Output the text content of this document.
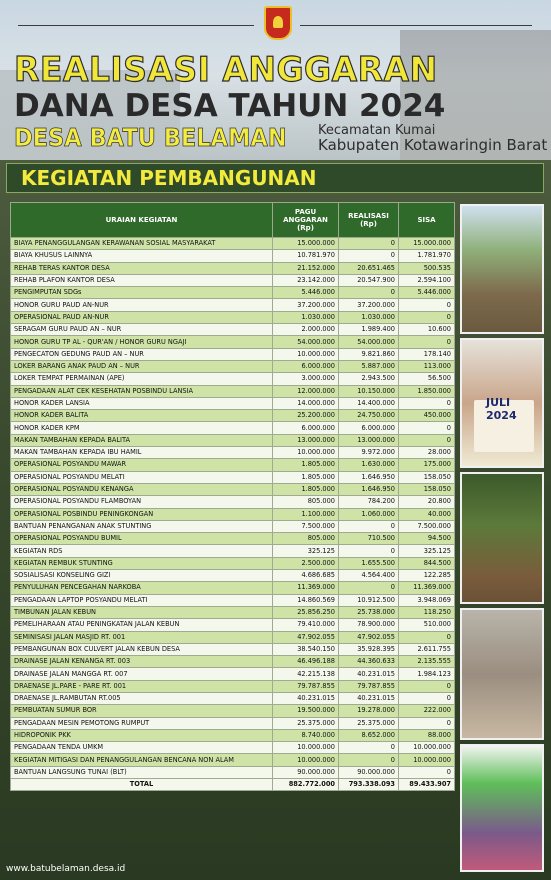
REALISASI ANGGARAN
DANA DESA TAHUN 2024
DESA BATU BELAMAN Kecamatan Kumai
Kabupaten Kotawaringin Barat
KEGIATAN PEMBANGUNAN
URAIAN KEGIATAN	PAGU ANGGARAN (Rp)	REALISASI (Rp)	SISA
BIAYA PENANGGULANGAN KERAWANAN SOSIAL MASYARAKAT	15.000.000	0	15.000.000
BIAYA KHUSUS LAINNYA	10.781.970	0	1.781.970
REHAB TERAS KANTOR DESA	21.152.000	20.651.465	500.535
REHAB PLAFON KANTOR DESA	23.142.000	20.547.900	2.594.100
PENGIMPUTAN SDGs	5.446.000	0	5.446.000
HONOR GURU PAUD AN-NUR	37.200.000	37.200.000	0
OPERASIONAL PAUD AN-NUR	1.030.000	1.030.000	0
SERAGAM GURU PAUD AN – NUR	2.000.000	1.989.400	10.600
HONOR GURU TP AL - QUR'AN / HONOR GURU NGAJI	54.000.000	54.000.000	0
PENGECATON GEDUNG PAUD AN – NUR	10.000.000	9.821.860	178.140
LOKER BARANG ANAK PAUD AN – NUR	6.000.000	5.887.000	113.000
LOKER TEMPAT PERMAINAN (APE)	3.000.000	2.943.500	56.500
PENGADAAN ALAT CEK KESEHATAN POSBINDU LANSIA	12.000.000	10.150.000	1.850.000
HONOR KADER LANSIA	14.000.000	14.400.000	0
HONOR KADER BALITA	25.200.000	24.750.000	450.000
HONOR KADER KPM	6.000.000	6.000.000	0
MAKAN TAMBAHAN KEPADA BALITA	13.000.000	13.000.000	0
MAKAN TAMBAHAN KEPADA IBU HAMIL	10.000.000	9.972.000	28.000
OPERASIONAL POSYANDU MAWAR	1.805.000	1.630.000	175.000
OPERASIONAL POSYANDU MELATI	1.805.000	1.646.950	158.050
OPERASIONAL POSYANDU KENANGA	1.805.000	1.646.950	158.050
OPERASIONAL POSYANDU FLAMBOYAN	805.000	784.200	20.800
OPERASIONAL POSBINDU PENINGKONGAN	1.100.000	1.060.000	40.000
BANTUAN PENANGANAN ANAK STUNTING	7.500.000	0	7.500.000
OPERASIONAL POSYANDU BUMIL	805.000	710.500	94.500
KEGIATAN RDS	325.125	0	325.125
KEGIATAN REMBUK STUNTING	2.500.000	1.655.500	844.500
SOSIALISASI KONSELING GIZI	4.686.685	4.564.400	122.285
PENYULUHAN PENCEGAHAN NARKOBA	11.369.000	0	11.369.000
PENGADAAN LAPTOP POSYANDU MELATI	14.860.569	10.912.500	3.948.069
TIMBUNAN JALAN KEBUN	25.856.250	25.738.000	118.250
PEMELIHARAAN ATAU PENINGKATAN JALAN KEBUN	79.410.000	78.900.000	510.000
SEMINISASI JALAN MASJID RT. 001	47.902.055	47.902.055	0
PEMBANGUNAN BOX CULVERT JALAN KEBUN DESA	38.540.150	35.928.395	2.611.755
DRAINASE JALAN KENANGA RT. 003	46.496.188	44.360.633	2.135.555
DRAINASE JALAN MANGGA RT. 007	42.215.138	40.231.015	1.984.123
DRAENASE JL.PARE - PARE RT. 001	79.787.855	79.787.855	0
DRAENASE JL.RAMBUTAN RT.005	40.231.015	40.231.015	0
PEMBUATAN SUMUR BOR	19.500.000	19.278.000	222.000
PENGADAAN MESIN PEMOTONG RUMPUT	25.375.000	25.375.000	0
HIDROPONIK PKK	8.740.000	8.652.000	88.000
PENGADAAN TENDA UMKM	10.000.000	0	10.000.000
KEGIATAN MITIGASI DAN PENANGGULANGAN BENCANA NON ALAM	10.000.000	0	10.000.000
BANTUAN LANGSUNG TUNAI (BLT)	90.000.000	90.000.000	0
TOTAL	882.772.000	793.338.093	89.433.907
JULI 2024
www.batubelaman.desa.id
